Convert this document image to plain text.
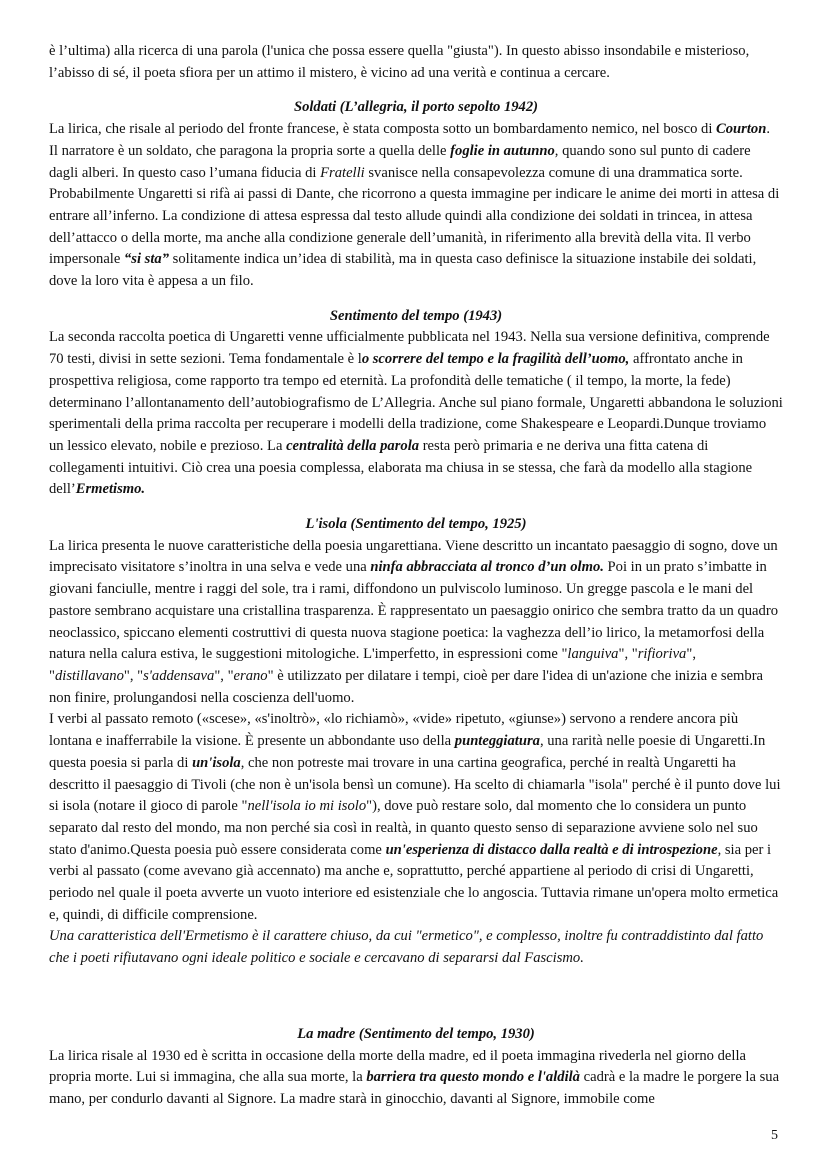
è l’ultima) alla ricerca di una parola (l'unica che possa essere quella "giusta"). In questo abisso insondabile e misterioso, l’abisso di sé, il poeta sfiora per un attimo il mistero, è vicino ad una verità e continua a cercare.

Soldati (L’allegria, il porto sepolto 1942)

La lirica, che risale al periodo del fronte francese, è stata composta sotto un bombardamento nemico, nel bosco di Courton.

Il narratore è un soldato, che paragona la propria sorte a quella delle foglie in autunno, quando sono sul punto di cadere dagli alberi. In questo caso l’umana fiducia di Fratelli svanisce nella consapevolezza comune di una drammatica sorte. Probabilmente Ungaretti si rifà ai passi di Dante, che ricorrono a questa immagine per indicare le anime dei morti in attesa di entrare all’inferno. La condizione di attesa espressa dal testo allude quindi alla condizione dei soldati in trincea, in attesa dell’attacco o della morte, ma anche alla condizione generale dell’umanità, in riferimento alla brevità della vita. Il verbo impersonale “si sta” solitamente indica un’idea di stabilità, ma in questa caso definisce la situazione instabile dei soldati, dove la loro vita è appesa a un filo.

Sentimento del tempo (1943)

La seconda raccolta poetica di Ungaretti venne ufficialmente pubblicata nel 1943. Nella sua versione definitiva, comprende 70 testi, divisi in sette sezioni. Tema fondamentale è lo scorrere del tempo e la fragilità dell’uomo, affrontato anche in prospettiva religiosa, come rapporto tra tempo ed eternità. La profondità delle tematiche ( il tempo, la morte, la fede) determinano l’allontanamento dell’autobiografismo de L’Allegria. Anche sul piano formale, Ungaretti abbandona le soluzioni sperimentali della prima raccolta per recuperare i modelli della tradizione, come Shakespeare e Leopardi.Dunque troviamo un lessico elevato, nobile e prezioso. La centralità della parola resta però primaria e ne deriva una fitta catena di collegamenti intuitivi. Ciò crea una poesia complessa, elaborata ma chiusa in se stessa, che farà da modello alla stagione dell’Ermetismo.

L'isola (Sentimento del tempo, 1925)

La lirica presenta le nuove caratteristiche della poesia ungarettiana. Viene descritto un incantato paesaggio di sogno, dove un imprecisato visitatore s’inoltra in una selva e vede una ninfa abbracciata al tronco d’un olmo. Poi in un prato s’imbatte in giovani fanciulle, mentre i raggi del sole, tra i rami, diffondono un pulviscolo luminoso. Un gregge pascola e le mani del pastore sembrano acquistare una cristallina trasparenza. È rappresentato un paesaggio onirico che sembra tratto da un quadro neoclassico, spiccano elementi costruttivi di questa nuova stagione poetica: la vaghezza dell’io lirico, la metamorfosi della natura nella calura estiva, le suggestioni mitologiche. L'imperfetto, in espressioni come "languiva", "rifioriva", "distillavano", "s'addensava", "erano" è utilizzato per dilatare i tempi, cioè per dare l'idea di un'azione che inizia e sembra non finire, prolungandosi nella coscienza dell'uomo.

I verbi al passato remoto («scese», «s'inoltrò», «lo richiamò», «vide» ripetuto, «giunse») servono a rendere ancora più lontana e inafferrabile la visione. È presente un abbondante uso della punteggiatura, una rarità nelle poesie di Ungaretti.In questa poesia si parla di un'isola, che non potreste mai trovare in una cartina geografica, perché in realtà Ungaretti ha descritto il paesaggio di Tivoli (che non è un'isola bensì un comune). Ha scelto di chiamarla "isola" perché è il punto dove lui si isola (notare il gioco di parole "nell'isola io mi isolo"), dove può restare solo, dal momento che lo considera un punto separato dal resto del mondo, ma non perché sia così in realtà, in quanto questo senso di separazione avviene solo nel suo stato d'animo.Questa poesia può essere considerata come un'esperienza di distacco dalla realtà e di introspezione, sia per i verbi al passato (come avevano già accennato) ma anche e, soprattutto, perché appartiene al periodo di crisi di Ungaretti, periodo nel quale il poeta avverte un vuoto interiore ed esistenziale che lo angoscia. Tuttavia rimane un'opera molto ermetica e, quindi, di difficile comprensione.

Una caratteristica dell'Ermetismo è il carattere chiuso, da cui "ermetico", e complesso, inoltre fu contraddistinto dal fatto che i poeti rifiutavano ogni ideale politico e sociale e cercavano di separarsi dal Fascismo.

La madre (Sentimento del tempo, 1930)

La lirica risale al 1930 ed è scritta in occasione della morte della madre, ed il poeta immagina rivederla nel giorno della propria morte. Lui si immagina, che alla sua morte, la barriera tra questo mondo e l'aldilà cadrà e la madre le porgere la sua mano, per condurlo davanti al Signore. La madre starà in ginocchio, davanti al Signore, immobile come

5
